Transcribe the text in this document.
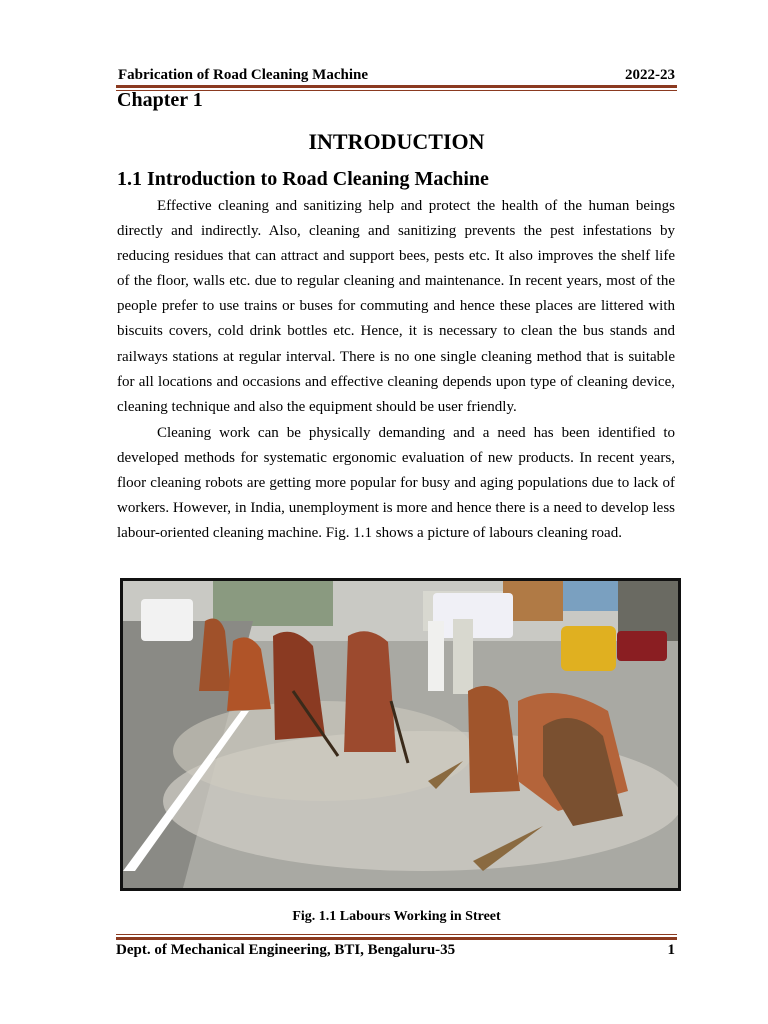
Fabrication of Road Cleaning Machine	2022-23
Chapter 1
INTRODUCTION
1.1 Introduction to Road Cleaning Machine

Effective cleaning and sanitizing help and protect the health of the human beings directly and indirectly. Also, cleaning and sanitizing prevents the pest infestations by reducing residues that can attract and support bees, pests etc. It also improves the shelf life of the floor, walls etc. due to regular cleaning and maintenance. In recent years, most of the people prefer to use trains or buses for commuting and hence these places are littered with biscuits covers, cold drink bottles etc. Hence, it is necessary to clean the bus stands and railways stations at regular interval. There is no one single cleaning method that is suitable for all locations and occasions and effective cleaning depends upon type of cleaning device, cleaning technique and also the equipment should be user friendly.

Cleaning work can be physically demanding and a need has been identified to developed methods for systematic ergonomic evaluation of new products. In recent years, floor cleaning robots are getting more popular for busy and aging populations due to lack of workers. However, in India, unemployment is more and hence there is a need to develop less labour-oriented cleaning machine. Fig. 1.1 shows a picture of labours cleaning road.

Fig. 1.1 Labours Working in Street
Dept. of Mechanical Engineering, BTI, Bengaluru-35	1
